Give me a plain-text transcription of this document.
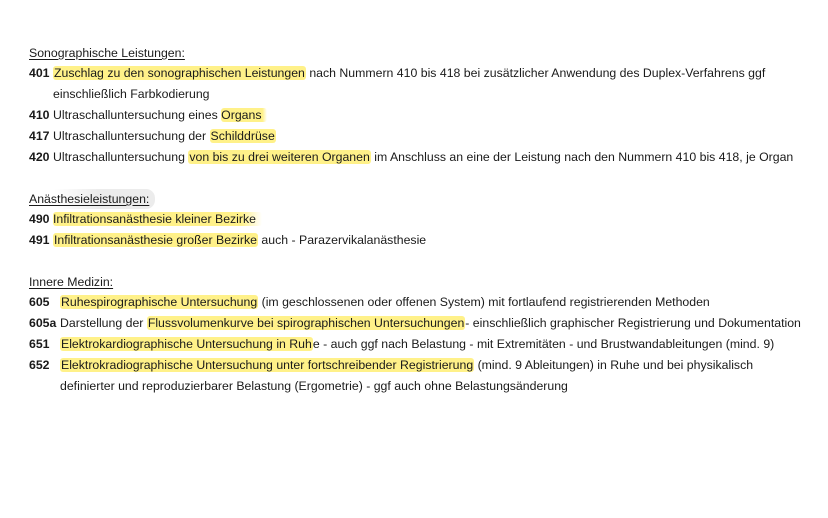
Sonographische Leistungen:
401 Zuschlag zu den sonographischen Leistungen nach Nummern 410 bis 418 bei zusätzlicher Anwendung des Duplex-Verfahrens ggf einschließlich Farbkodierung
410 Ultraschalluntersuchung eines Organs
417 Ultraschalluntersuchung der Schilddrüse
420 Ultraschalluntersuchung von bis zu drei weiteren Organen im Anschluss an eine der Leistung nach den Nummern 410 bis 418, je Organ
Anästhesieleistungen:
490 Infiltrationsanästhesie kleiner Bezirke
491 Infiltrationsanästhesie großer Bezirke auch - Parazervikalanästhesie
Innere Medizin:
605 Ruhespirographische Untersuchung (im geschlossenen oder offenen System) mit fortlaufend registrierenden Methoden
605a Darstellung der Flussvolumenkurve bei spirographischen Untersuchungen- einschließlich graphischer Registrierung und Dokumentation
651 Elektrokardiographische Untersuchung in Ruhe - auch ggf nach Belastung - mit Extremitäten - und Brustwandableitungen (mind. 9)
652 Elektrokradiographische Untersuchung unter fortschreibender Registrierung (mind. 9 Ableitungen) in Ruhe und bei physikalisch definierter und reproduzierbarer Belastung (Ergometrie) - ggf auch ohne Belastungsänderung
